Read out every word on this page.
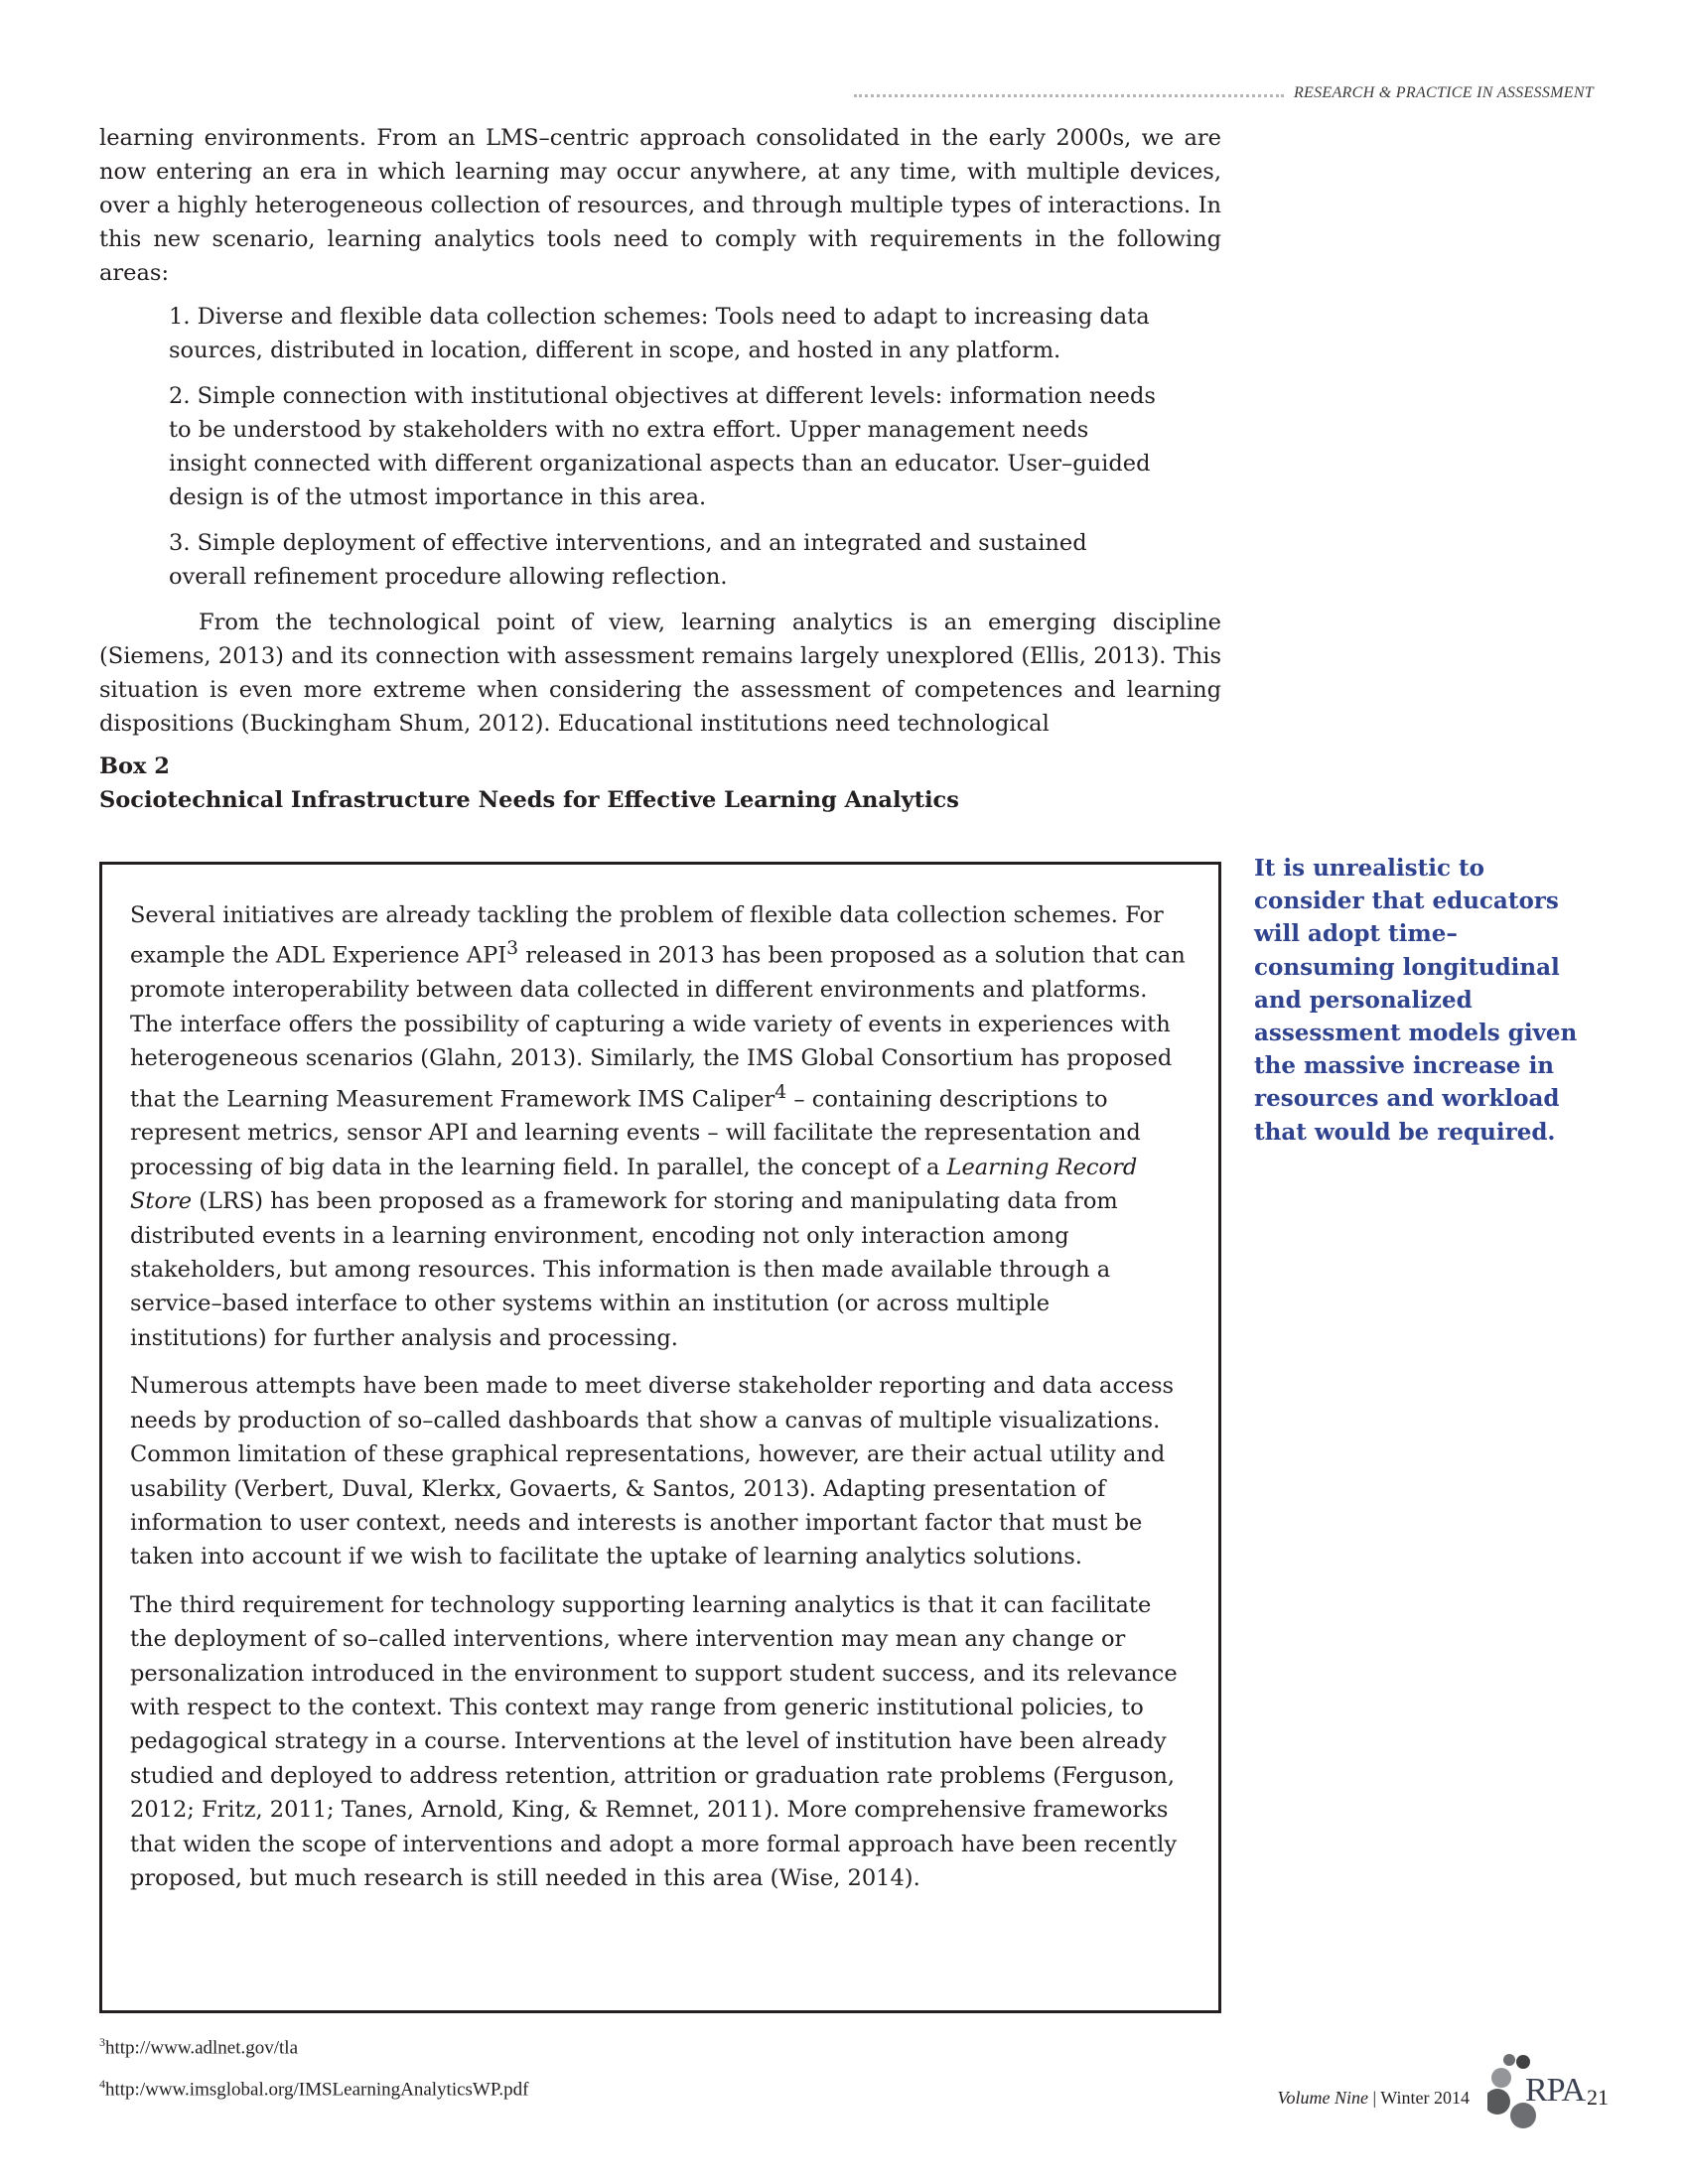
RESEARCH & PRACTICE IN ASSESSMENT

learning environments. From an LMS–centric approach consolidated in the early 2000s, we are now entering an era in which learning may occur anywhere, at any time, with multiple devices, over a highly heterogeneous collection of resources, and through multiple types of interactions. In this new scenario, learning analytics tools need to comply with requirements in the following areas:

1. Diverse and flexible data collection schemes: Tools need to adapt to increasing data sources, distributed in location, different in scope, and hosted in any platform.
2. Simple connection with institutional objectives at different levels: information needs to be understood by stakeholders with no extra effort. Upper management needs insight connected with different organizational aspects than an educator. User–guided design is of the utmost importance in this area.
3. Simple deployment of effective interventions, and an integrated and sustained overall refinement procedure allowing reflection.

From the technological point of view, learning analytics is an emerging discipline (Siemens, 2013) and its connection with assessment remains largely unexplored (Ellis, 2013). This situation is even more extreme when considering the assessment of competences and learning dispositions (Buckingham Shum, 2012). Educational institutions need technological

Box 2
Sociotechnical Infrastructure Needs for Effective Learning Analytics

Several initiatives are already tackling the problem of flexible data collection schemes. For example the ADL Experience API$^3$ released in 2013 has been proposed as a solution that can promote interoperability between data collected in different environments and platforms. The interface offers the possibility of capturing a wide variety of events in experiences with heterogeneous scenarios (Glahn, 2013). Similarly, the IMS Global Consortium has proposed that the Learning Measurement Framework IMS Caliper$^4$ – containing descriptions to represent metrics, sensor API and learning events – will facilitate the representation and processing of big data in the learning field. In parallel, the concept of a Learning Record Store (LRS) has been proposed as a framework for storing and manipulating data from distributed events in a learning environment, encoding not only interaction among stakeholders, but among resources. This information is then made available through a service–based interface to other systems within an institution (or across multiple institutions) for further analysis and processing.

Numerous attempts have been made to meet diverse stakeholder reporting and data access needs by production of so–called dashboards that show a canvas of multiple visualizations. Common limitation of these graphical representations, however, are their actual utility and usability (Verbert, Duval, Klerkx, Govaerts, & Santos, 2013). Adapting presentation of information to user context, needs and interests is another important factor that must be taken into account if we wish to facilitate the uptake of learning analytics solutions.

The third requirement for technology supporting learning analytics is that it can facilitate the deployment of so–called interventions, where intervention may mean any change or personalization introduced in the environment to support student success, and its relevance with respect to the context. This context may range from generic institutional policies, to pedagogical strategy in a course. Interventions at the level of institution have been already studied and deployed to address retention, attrition or graduation rate problems (Ferguson, 2012; Fritz, 2011; Tanes, Arnold, King, & Remnet, 2011). More comprehensive frameworks that widen the scope of interventions and adopt a more formal approach have been recently proposed, but much research is still needed in this area (Wise, 2014).

It is unrealistic to consider that educators will adopt time–consuming longitudinal and personalized assessment models given the massive increase in resources and workload that would be required.
$^3$http://www.adlnet.gov/tla
$^4$http:/www.imsglobal.org/IMSLearningAnalyticsWP.pdf	Volume Nine | Winter 2014 RPA 21
